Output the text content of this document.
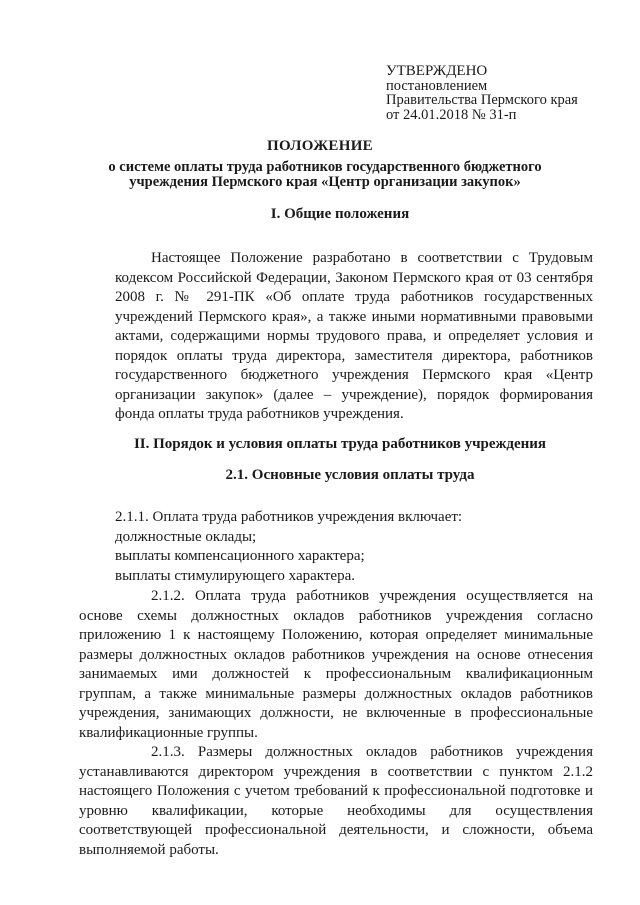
УТВЕРЖДЕНО
постановлением
Правительства Пермского края
от 24.01.2018 № 31-п
ПОЛОЖЕНИЕ
о системе оплаты труда работников государственного бюджетного учреждения Пермского края «Центр организации закупок»
I. Общие положения
Настоящее Положение разработано в соответствии с Трудовым кодексом Российской Федерации, Законом Пермского края от 03 сентября 2008 г. № 291-ПК «Об оплате труда работников государственных учреждений Пермского края», а также иными нормативными правовыми актами, содержащими нормы трудового права, и определяет условия и порядок оплаты труда директора, заместителя директора, работников государственного бюджетного учреждения Пермского края «Центр организации закупок» (далее – учреждение), порядок формирования фонда оплаты труда работников учреждения.
II. Порядок и условия оплаты труда работников учреждения
2.1. Основные условия оплаты труда
2.1.1. Оплата труда работников учреждения включает:
должностные оклады;
выплаты компенсационного характера;
выплаты стимулирующего характера.
2.1.2. Оплата труда работников учреждения осуществляется на основе схемы должностных окладов работников учреждения согласно приложению 1 к настоящему Положению, которая определяет минимальные размеры должностных окладов работников учреждения на основе отнесения занимаемых ими должностей к профессиональным квалификационным группам, а также минимальные размеры должностных окладов работников учреждения, занимающих должности, не включенные в профессиональные квалификационные группы.
2.1.3. Размеры должностных окладов работников учреждения устанавливаются директором учреждения в соответствии с пунктом 2.1.2 настоящего Положения с учетом требований к профессиональной подготовке и уровню квалификации, которые необходимы для осуществления соответствующей профессиональной деятельности, и сложности, объема выполняемой работы.
